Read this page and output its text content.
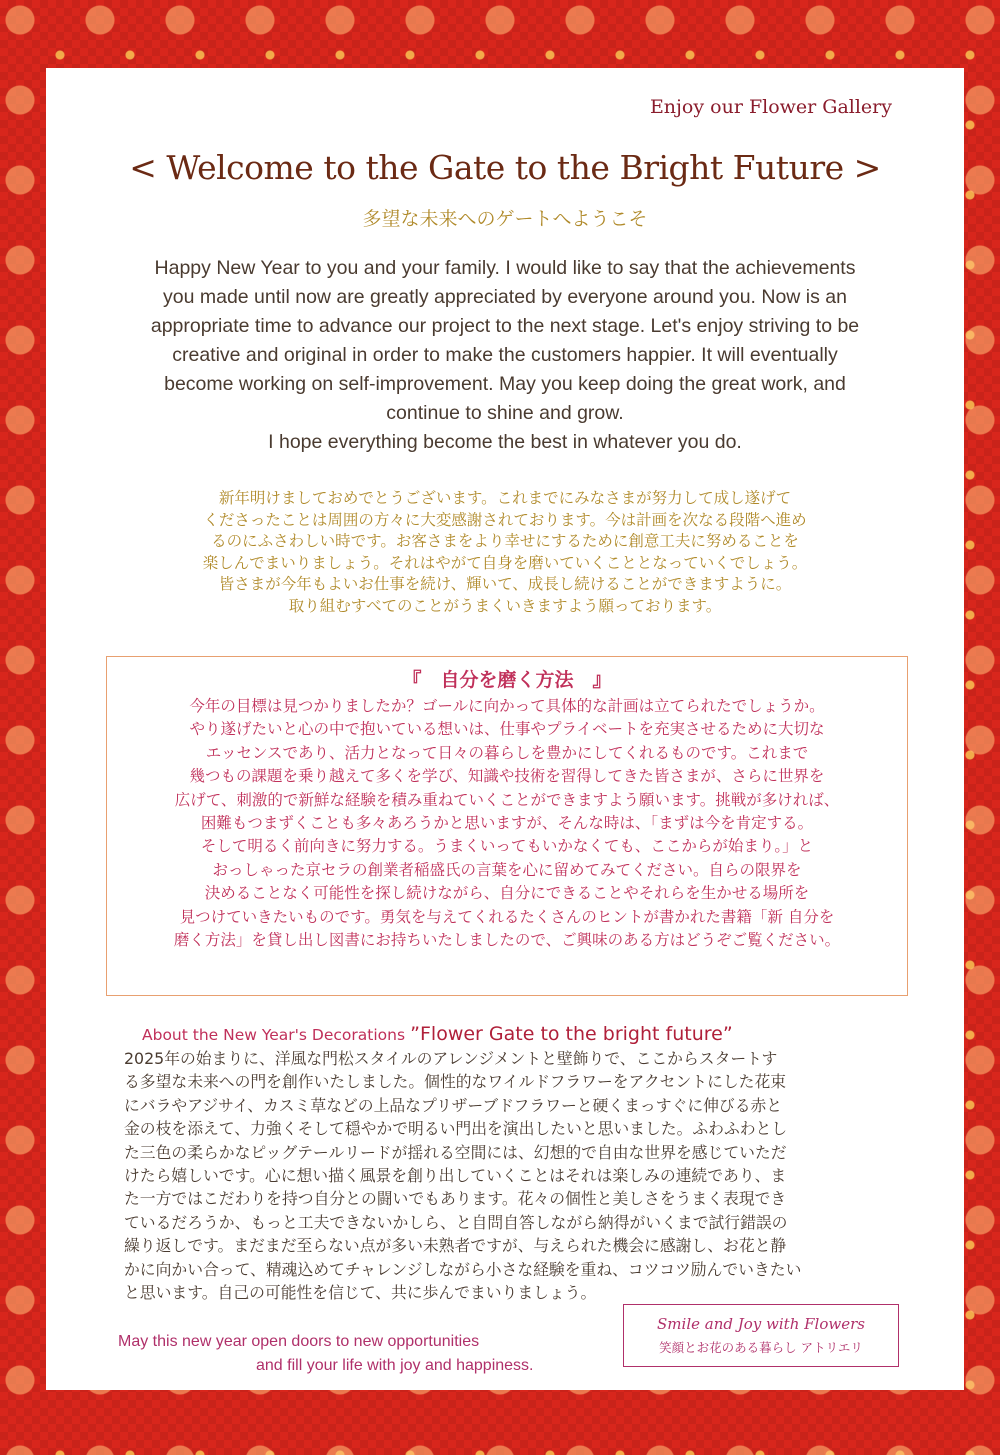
Enjoy our Flower Gallery
< Welcome to the Gate to the Bright Future >
多望な未来へのゲートへようこそ

Happy New Year to you and your family. I would like to say that the achievements you made until now are greatly appreciated by everyone around you. Now is an appropriate time to advance our project to the next stage. Let's enjoy striving to be creative and original in order to make the customers happier. It will eventually become working on self-improvement. May you keep doing the great work, and continue to shine and grow.

I hope everything become the best in whatever you do.

新年明けましておめでとうございます。これまでにみなさまが努力して成し遂げて

くださったことは周囲の方々に大変感謝されております。今は計画を次なる段階へ進め

るのにふさわしい時です。お客さまをより幸せにするために創意工夫に努めることを

楽しんでまいりましょう。それはやがて自身を磨いていくこととなっていくでしょう。

皆さまが今年もよいお仕事を続け、輝いて、成長し続けることができますように。

取り組むすべてのことがうまくいきますよう願っております。

『　自分を磨く方法　』

今年の目標は見つかりましたか？ゴールに向かって具体的な計画は立てられたでしょうか。

やり遂げたいと心の中で抱いている想いは、仕事やプライベートを充実させるために大切な

エッセンスであり、活力となって日々の暮らしを豊かにしてくれるものです。これまで

幾つもの課題を乗り越えて多くを学び、知識や技術を習得してきた皆さまが、さらに世界を

広げて、刺激的で新鮮な経験を積み重ねていくことができますよう願います。挑戦が多ければ、

困難もつまずくことも多々あろうかと思いますが、そんな時は、「まずは今を肯定する。

そして明るく前向きに努力する。うまくいってもいかなくても、ここからが始まり。」と

おっしゃった京セラの創業者稲盛氏の言葉を心に留めてみてください。自らの限界を

決めることなく可能性を探し続けながら、自分にできることやそれらを生かせる場所を

見つけていきたいものです。勇気を与えてくれるたくさんのヒントが書かれた書籍「新 自分を

磨く方法」を貸し出し図書にお持ちいたしましたので、ご興味のある方はどうぞご覧ください。

About the New Year's Decorations ”Flower Gate to the bright future”

2025年の始まりに、洋風な門松スタイルのアレンジメントと壁飾りで、ここからスタートす

る多望な未来への門を創作いたしました。個性的なワイルドフラワーをアクセントにした花束

にバラやアジサイ、カスミ草などの上品なプリザーブドフラワーと硬くまっすぐに伸びる赤と

金の枝を添えて、力強くそして穏やかで明るい門出を演出したいと思いました。ふわふわとし

た三色の柔らかなピッグテールリードが揺れる空間には、幻想的で自由な世界を感じていただ

けたら嬉しいです。心に想い描く風景を創り出していくことはそれは楽しみの連続であり、ま

た一方ではこだわりを持つ自分との闘いでもあります。花々の個性と美しさをうまく表現でき

ているだろうか、もっと工夫できないかしら、と自問自答しながら納得がいくまで試行錯誤の

繰り返しです。まだまだ至らない点が多い未熟者ですが、与えられた機会に感謝し、お花と静

かに向かい合って、精魂込めてチャレンジしながら小さな経験を重ね、コツコツ励んでいきたい

と思います。自己の可能性を信じて、共に歩んでまいりましょう。

May this new year open doors to new opportunities
and fill your life with joy and happiness.
Smile and Joy with Flowers
笑顔とお花のある暮らし アトリエリ
